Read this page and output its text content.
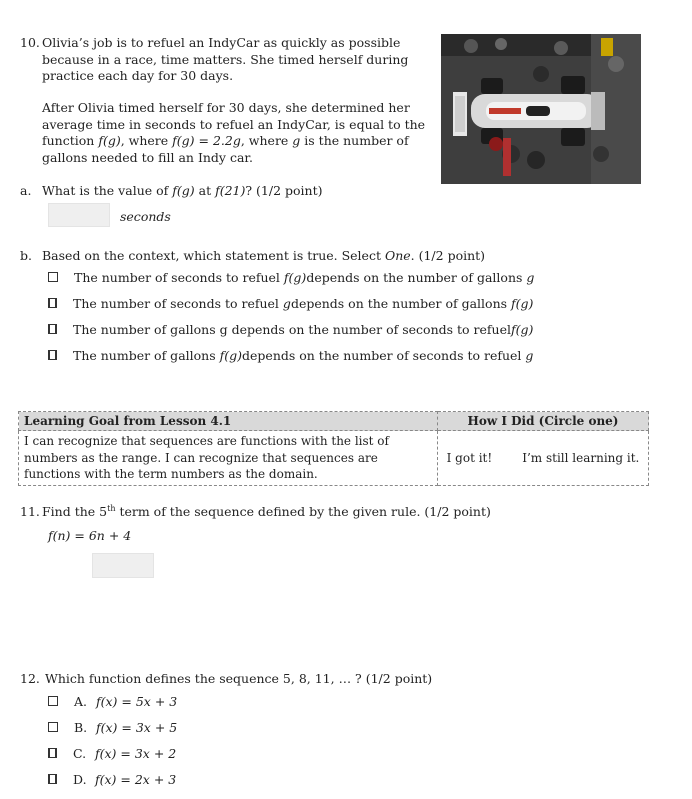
10. Olivia’s job is to refuel an IndyCar as quickly as possible because in a race, time matters. She timed herself during practice each day for 30 days.
After Olivia timed herself for 30 days, she determined her average time in seconds to refuel an IndyCar, is equal to the function f(g), where f(g) = 2.2g, where g is the number of gallons needed to fill an Indy car.
a. What is the value of f(g) at f(21)? (1/2 point)
seconds
b. Based on the context, which statement is true. Select One. (1/2 point)
The number of seconds to refuel
f(g) depends on the number of gallons
g
The number of seconds to refuel
g depends on the number of gallons
f(g)
The number of gallons g depends on the number of seconds to refuel f(g)
The number of gallons
f(g) depends on the number of seconds to refuel
g
Learning Goal from Lesson 4.1	How I Did (Circle one)
I can recognize that sequences are functions with the list of numbers as the range. I can recognize that sequences are functions with the term numbers as the domain.	I got it! I’m still learning it.
11. Find the 5th term of the sequence defined by the given rule. (1/2 point)
f(n) = 6n + 4
12. Which function defines the sequence 5, 8, 11, … ? (1/2 point)
A. f(x) = 5x + 3
B. f(x) = 3x + 5
C. f(x) = 3x + 2
D. f(x) = 2x + 3
